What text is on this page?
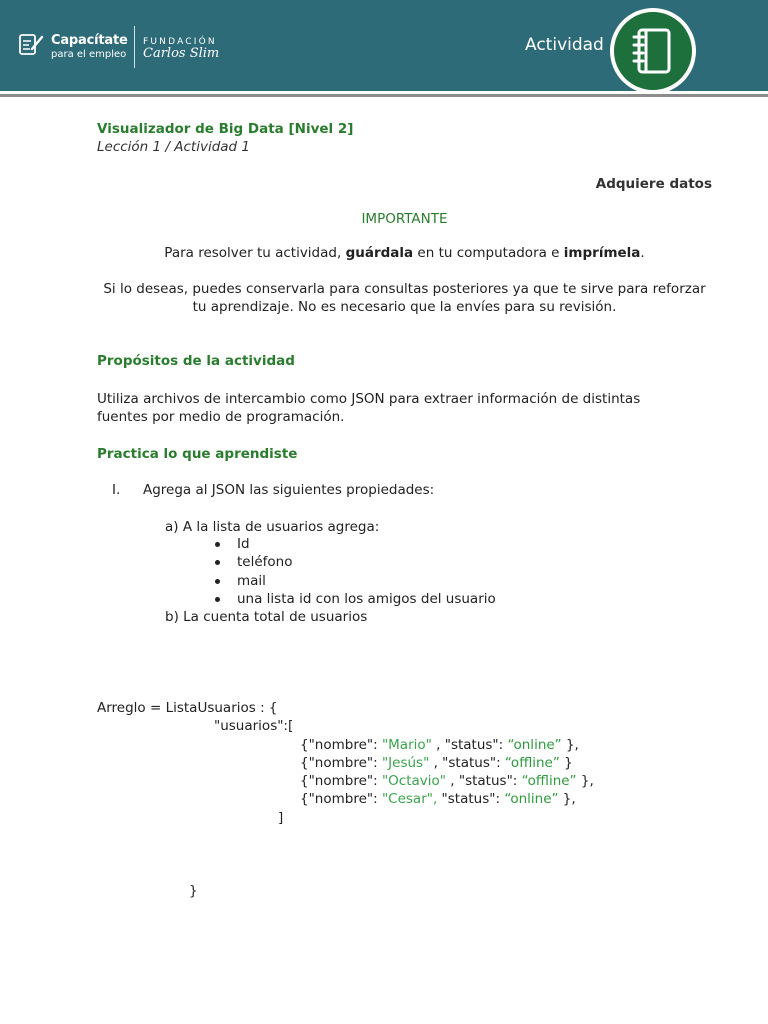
Capacítate
para el empleo
FUNDACIÓN
Carlos Slim	Actividad
Visualizador de Big Data [Nivel 2]
Lección 1 / Actividad 1
Adquiere datos
IMPORTANTE
Para resolver tu actividad, guárdala en tu computadora e imprímela.
Si lo deseas, puedes conservarla para consultas posteriores ya que te sirve para reforzar
tu aprendizaje. No es necesario que la envíes para su revisión.
Propósitos de la actividad
Utiliza archivos de intercambio como JSON para extraer información de distintas
fuentes por medio de programación.
Practica lo que aprendiste
I. Agrega al JSON las siguientes propiedades:
a) A la lista de usuarios agrega:
Id
teléfono
mail
una lista id con los amigos del usuario
b) La cuenta total de usuarios
Arreglo = ListaUsuarios : {
"usuarios":[
{"nombre": "Mario" , "status": “online” },
{"nombre": "Jesús" , "status": “offline” }
{"nombre": "Octavio" , "status": “offline” },
{"nombre": "Cesar", "status": “online” },
]
}
